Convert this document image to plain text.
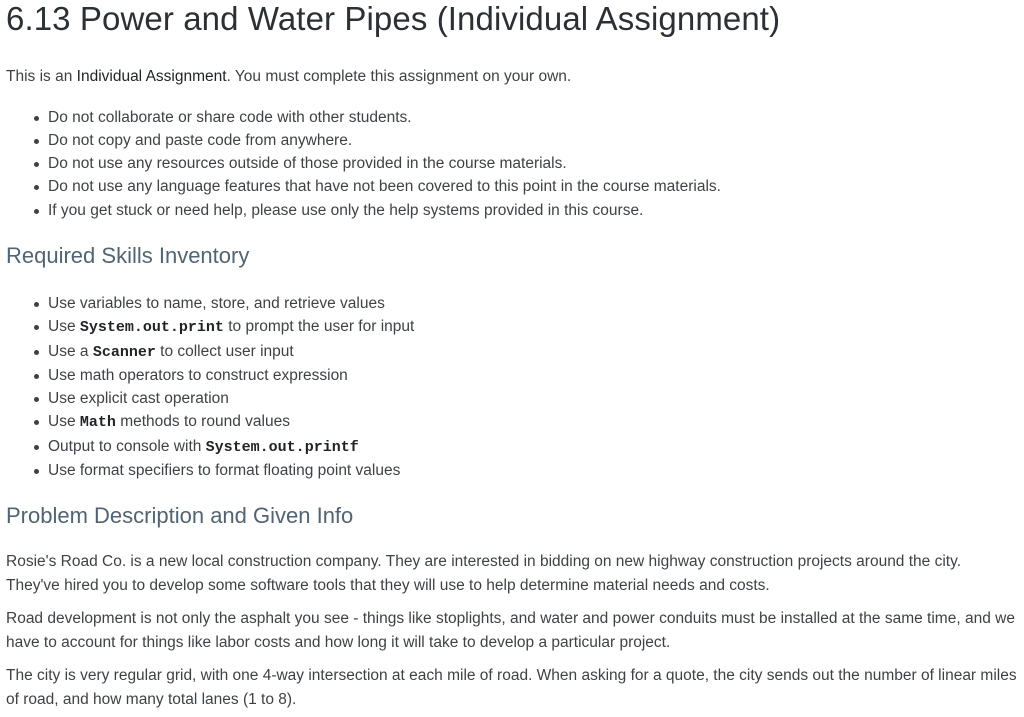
6.13 Power and Water Pipes (Individual Assignment)

This is an Individual Assignment. You must complete this assignment on your own.

Do not collaborate or share code with other students.
Do not copy and paste code from anywhere.
Do not use any resources outside of those provided in the course materials.
Do not use any language features that have not been covered to this point in the course materials.
If you get stuck or need help, please use only the help systems provided in this course.
Required Skills Inventory
Use variables to name, store, and retrieve values
Use System.out.print to prompt the user for input
Use a Scanner to collect user input
Use math operators to construct expression
Use explicit cast operation
Use Math methods to round values
Output to console with System.out.printf
Use format specifiers to format floating point values
Problem Description and Given Info

Rosie's Road Co. is a new local construction company. They are interested in bidding on new highway construction projects around the city. They've hired you to develop some software tools that they will use to help determine material needs and costs.

Road development is not only the asphalt you see - things like stoplights, and water and power conduits must be installed at the same time, and we have to account for things like labor costs and how long it will take to develop a particular project.

The city is very regular grid, with one 4-way intersection at each mile of road. When asking for a quote, the city sends out the number of linear miles of road, and how many total lanes (1 to 8).
